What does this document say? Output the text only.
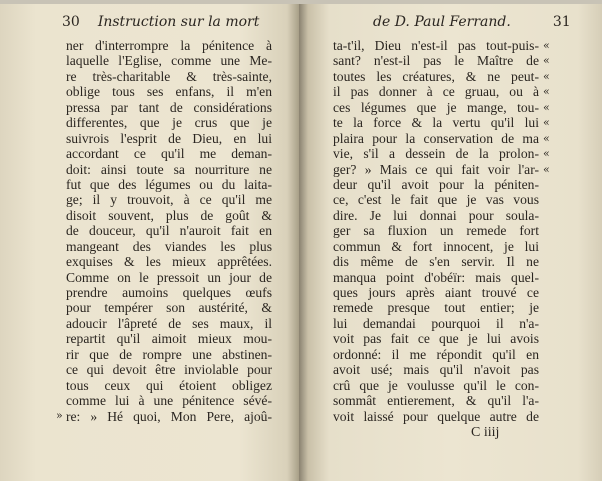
30 Instruction sur la mort
ner d'interrompre la pénitence à
laquelle l'Eglise, comme une Me-
re très-charitable & très-sainte,
oblige tous ses enfans, il m'en
pressa par tant de considérations
differentes, que je crus que je
suivrois l'esprit de Dieu, en lui
accordant ce qu'il me deman-
doit: ainsi toute sa nourriture ne
fut que des légumes ou du laita-
ge; il y trouvoit, à ce qu'il me
disoit souvent, plus de goût &
de douceur, qu'il n'auroit fait en
mangeant des viandes les plus
exquises & les mieux apprêtées.
Comme on le pressoit un jour de
prendre aumoins quelques œufs
pour tempérer son austérité, &
adoucir l'âpreté de ses maux, il
repartit qu'il aimoit mieux mou-
rir que de rompre une abstinen-
ce qui devoit être inviolable pour
tous ceux qui étoient obligez
comme lui à une pénitence sévé-
re: » Hé quoi, Mon Pere, ajoû-
»
de D. Paul Ferrand.	31
ta-t'il, Dieu n'est-il pas tout-puis-
sant? n'est-il pas le Maître de
toutes les créatures, & ne peut-
il pas donner à ce gruau, ou à
ces légumes que je mange, tou-
te la force & la vertu qu'il lui
plaira pour la conservation de ma
vie, s'il a dessein de la prolon-
ger? » Mais ce qui fait voir l'ar-
deur qu'il avoit pour la péniten-
ce, c'est le fait que je vas vous
dire. Je lui donnai pour soula-
ger sa fluxion un remede fort
commun & fort innocent, je lui
dis même de s'en servir. Il ne
manqua point d'obéïr: mais quel-
ques jours après aiant trouvé ce
remede presque tout entier; je
lui demandai pourquoi il n'a-
voit pas fait ce que je lui avois
ordonné: il me répondit qu'il en
avoit usé; mais qu'il n'avoit pas
crû que je voulusse qu'il le con-
sommât entierement, & qu'il l'a-
voit laissé pour quelque autre de
«
«
«
«
«
«
«
«
«
C iiij
